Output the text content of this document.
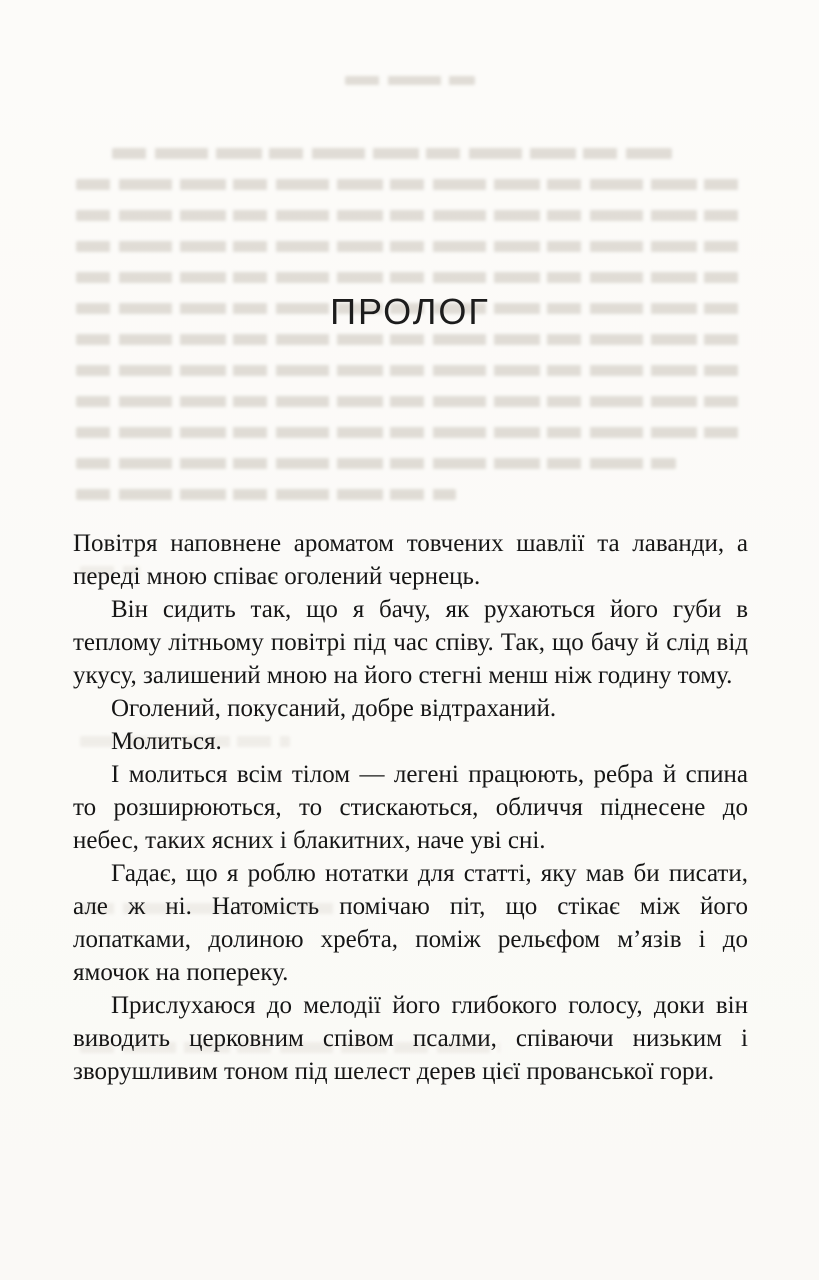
ПРОЛОГ

Повітря наповнене ароматом товчених шавлії та лаванди, а переді мною співає оголений чернець.

Він сидить так, що я бачу, як рухаються його губи в теплому літньому повітрі під час співу. Так, що бачу й слід від укусу, залишений мною на його стегні менш ніж годину тому.

Оголений, покусаний, добре відтраханий.

Молиться.

І молиться всім тілом — легені працюють, ребра й спина то розширюються, то стискаються, обличчя піднесене до небес, таких ясних і блакитних, наче уві сні.

Гадає, що я роблю нотатки для статті, яку мав би писати, але ж ні. Натомість помічаю піт, що стікає між його лопатками, долиною хребта, поміж рельєфом м’язів і до ямочок на попереку.

Прислухаюся до мелодії його глибокого голосу, доки він виводить церковним співом псалми, співаючи низьким і зворушливим тоном під шелест дерев цієї прованської гори.
